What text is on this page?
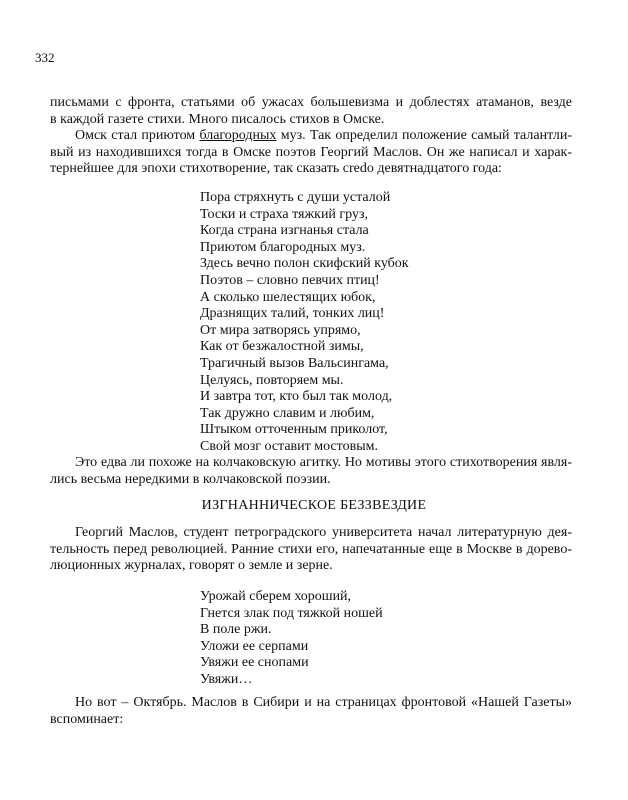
332
письмами с фронта, статьями об ужасах большевизма и доблестях атаманов, везде
в каждой газете стихи. Много писалось стихов в Омске.
Омск стал приютом благородных муз. Так определил положение самый талантли-
вый из находившихся тогда в Омске поэтов Георгий Маслов. Он же написал и харак-
тернейшее для эпохи стихотворение, так сказать credo девятнадцатого года:
Пора стряхнуть с души усталой
Тоски и страха тяжкий груз,
Когда страна изгнанья стала
Приютом благородных муз.
Здесь вечно полон скифский кубок
Поэтов – словно певчих птиц!
А сколько шелестящих юбок,
Дразнящих талий, тонких лиц!
От мира затворясь упрямо,
Как от безжалостной зимы,
Трагичный вызов Вальсингама,
Целуясь, повторяем мы.
И завтра тот, кто был так молод,
Так дружно славим и любим,
Штыком отточенным приколот,
Свой мозг оставит мостовым.
Это едва ли похоже на колчаковскую агитку. Но мотивы этого стихотворения явля-
лись весьма нередкими в колчаковской поэзии.
ИЗГНАННИЧЕСКОЕ БЕЗЗВЕЗДИЕ
Георгий Маслов, студент петроградского университета начал литературную дея-
тельность перед революцией. Ранние стихи его, напечатанные еще в Москве в дорево-
люционных журналах, говорят о земле и зерне.
Урожай сберем хороший,
Гнется злак под тяжкой ношей
В поле ржи.
Уложи ее серпами
Увяжи ее снопами
Увяжи…
Но вот – Октябрь. Маслов в Сибири и на страницах фронтовой «Нашей Газеты»
вспоминает:
